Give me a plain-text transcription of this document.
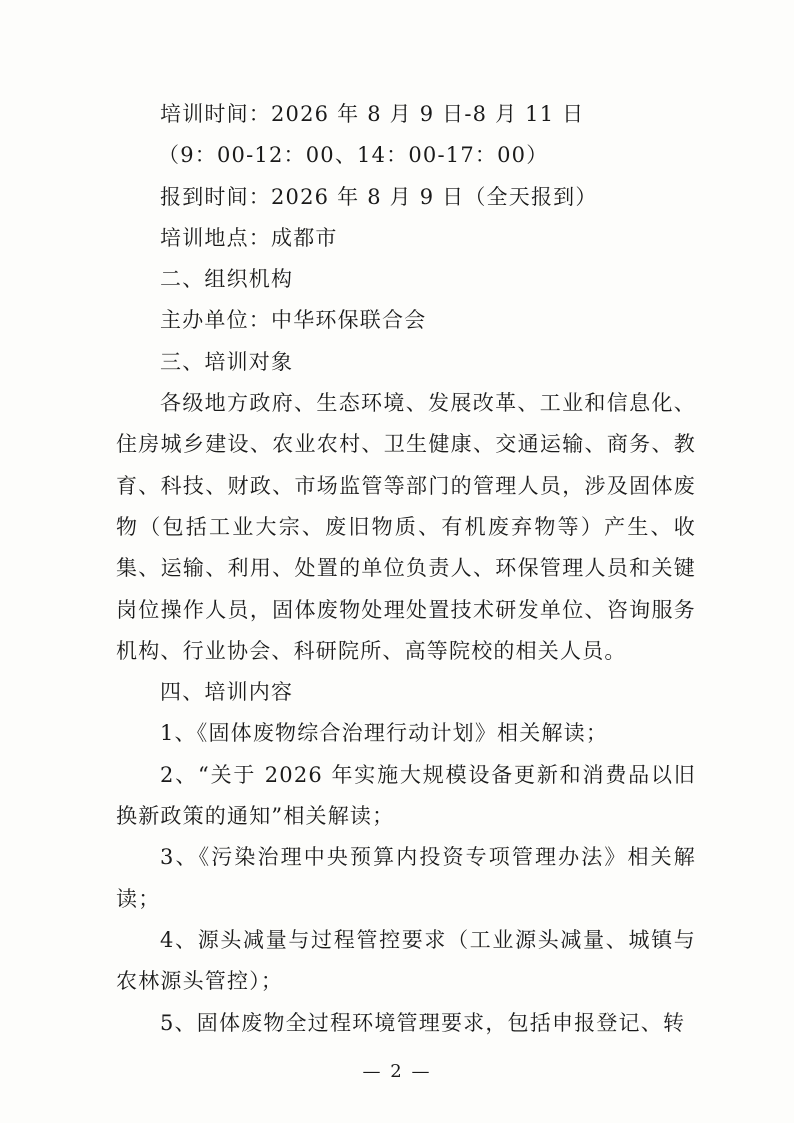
培训时间：2026 年 8 月 9 日-8 月 11 日
（9：00-12：00、14：00-17：00）
报到时间：2026 年 8 月 9 日（全天报到）
培训地点：成都市
二、组织机构
主办单位：中华环保联合会
三、培训对象

各级地方政府、生态环境、发展改革、工业和信息化、住房城乡建设、农业农村、卫生健康、交通运输、商务、教育、科技、财政、市场监管等部门的管理人员，涉及固体废物（包括工业大宗、废旧物质、有机废弃物等）产生、收集、运输、利用、处置的单位负责人、环保管理人员和关键岗位操作人员，固体废物处理处置技术研发单位、咨询服务机构、行业协会、科研院所、高等院校的相关人员。

四、培训内容

1、《固体废物综合治理行动计划》相关解读；

2、“关于 2026 年实施大规模设备更新和消费品以旧换新政策的通知”相关解读；

3、《污染治理中央预算内投资专项管理办法》相关解读；

4、源头减量与过程管控要求（工业源头减量、城镇与农林源头管控）；

5、固体废物全过程环境管理要求，包括申报登记、转

— 2 —
